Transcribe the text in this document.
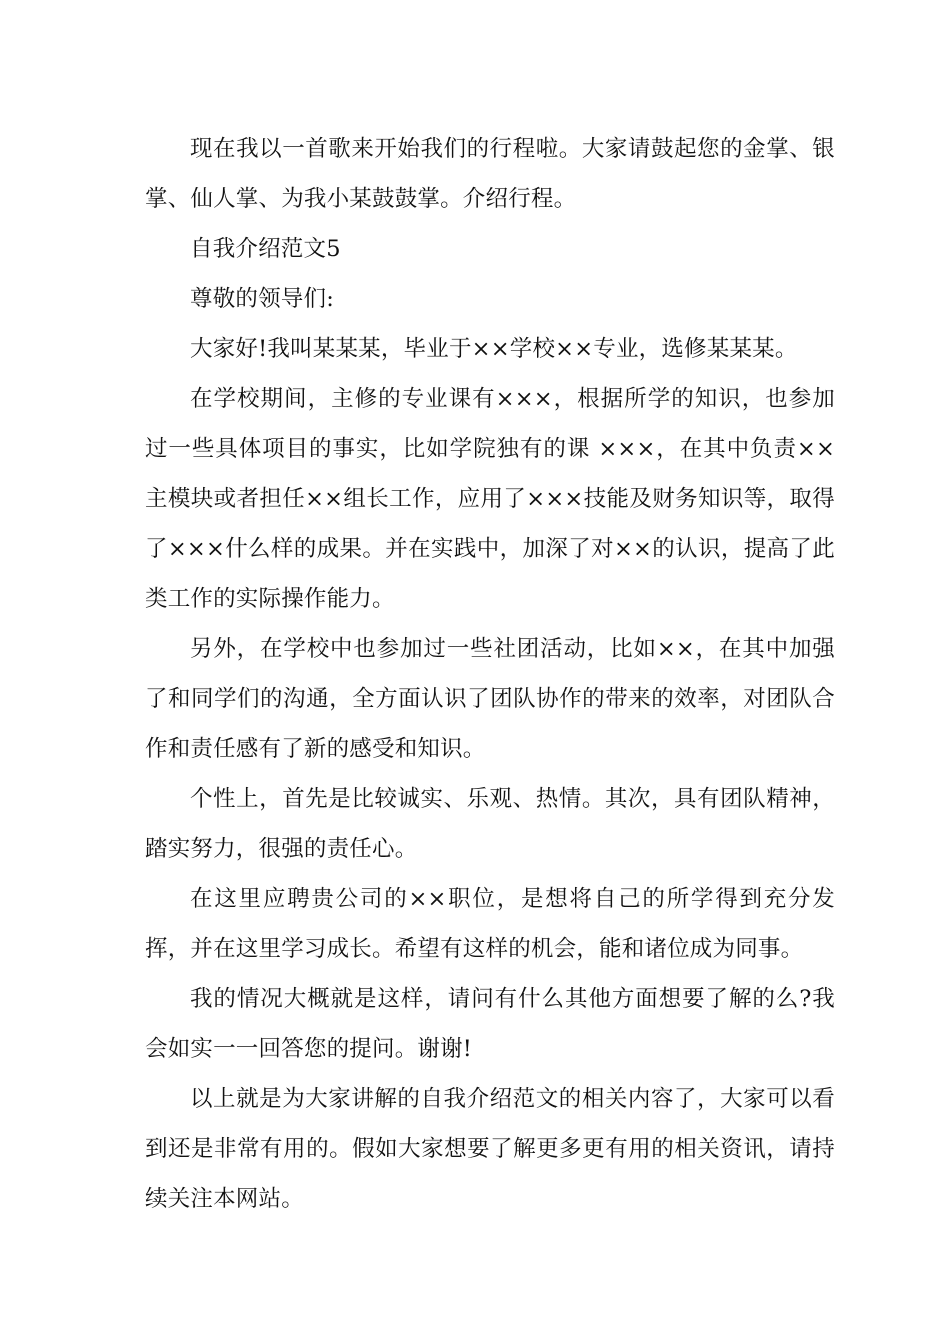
现在我以一首歌来开始我们的行程啦。大家请鼓起您的金掌、银掌、仙人掌、为我小某鼓鼓掌。介绍行程。

自我介绍范文5

尊敬的领导们:

大家好!我叫某某某，毕业于××学校××专业，选修某某某。

在学校期间，主修的专业课有×××，根据所学的知识，也参加过一些具体项目的事实，比如学院独有的课 ×××，在其中负责××主模块或者担任××组长工作，应用了×××技能及财务知识等，取得 了×××什么样的成果。并在实践中，加深了对××的认识，提高了此类工作的实际操作能力。

另外，在学校中也参加过一些社团活动，比如××，在其中加强了和同学们的沟通，全方面认识了团队协作的带来的效率，对团队合作和责任感有了新的感受和知识。

个性上，首先是比较诚实、乐观、热情。其次，具有团队精神，踏实努力，很强的责任心。

在这里应聘贵公司的××职位，是想将自己的所学得到充分发挥，并在这里学习成长。希望有这样的机会，能和诸位成为同事。

我的情况大概就是这样，请问有什么其他方面想要了解的么?我会如实一一回答您的提问。谢谢!

以上就是为大家讲解的自我介绍范文的相关内容了，大家可以看到还是非常有用的。假如大家想要了解更多更有用的相关资讯，请持续关注本网站。
